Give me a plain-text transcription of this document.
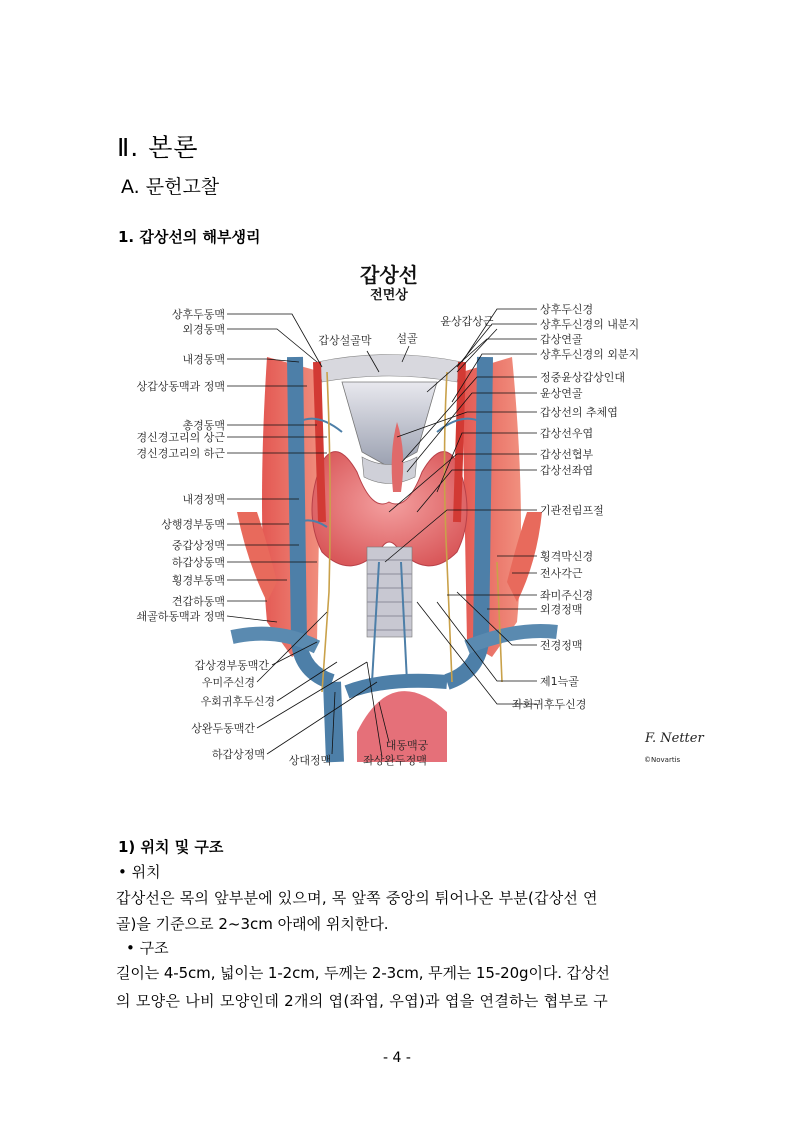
Ⅱ. 본론
A. 문헌고찰
1. 갑상선의 해부생리
갑상선
전면상
F. Netter
©Novartis
상후두동맥
외경동맥
내경동맥
상갑상동맥과 정맥
총경동맥
경신경고리의 상근
경신경고리의 하근
내경정맥
상행경부동맥
중갑상정맥
하갑상동맥
횡경부동맥
견갑하동맥
쇄골하동맥과 정맥
갑상경부동맥간
우미주신경
우회귀후두신경
상완두동맥간
하갑상정맥
갑상설골막 설골
윤상갑상근
상후두신경
상후두신경의 내분지
갑상연골
상후두신경의 외분지
정중윤상갑상인대
윤상연골
갑상선의 추체엽
갑상선우엽
갑상선협부
갑상선좌엽
기관전림프절
횡격막신경
전사각근
좌미주신경
외경정맥
전경정맥
제1늑골
좌회귀후두신경
상대정맥
대동맥궁
좌상완두정맥
1) 위치 및 구조
• 위치
갑상선은 목의 앞부분에 있으며, 목 앞쪽 중앙의 튀어나온 부분(갑상선 연
골)을 기준으로 2~3cm 아래에 위치한다.
• 구조
길이는 4-5cm, 넓이는 1-2cm, 두께는 2-3cm, 무게는 15-20g이다. 갑상선
의 모양은 나비 모양인데 2개의 엽(좌엽, 우엽)과 엽을 연결하는 협부로 구
- 4 -
